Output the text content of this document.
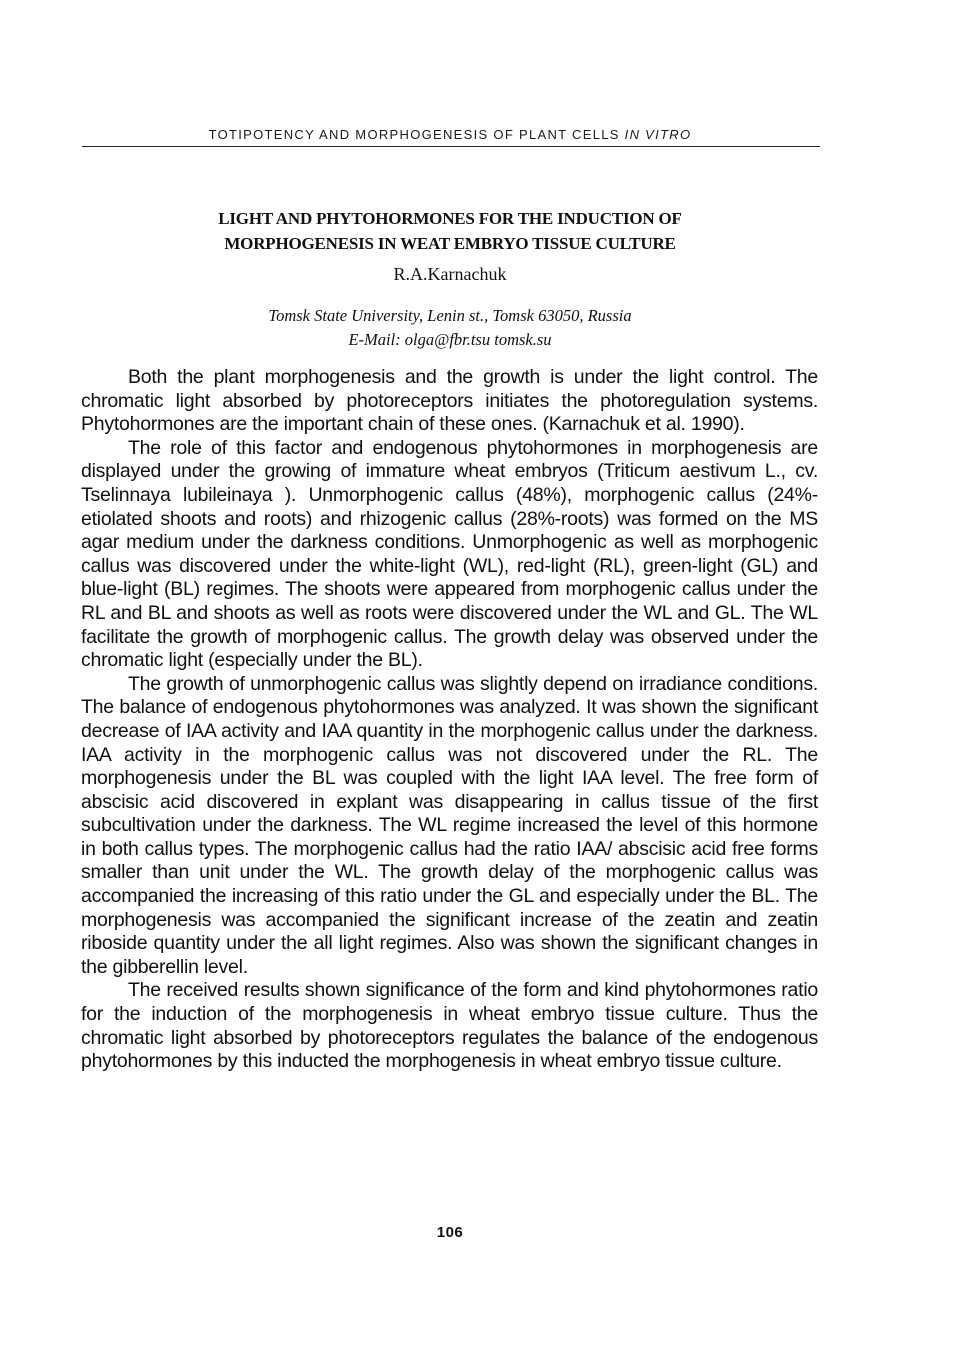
TOTIPOTENCY AND MORPHOGENESIS OF PLANT CELLS IN VITRO
LIGHT AND PHYTOHORMONES FOR THE INDUCTION OF
MORPHOGENESIS IN WEAT EMBRYO TISSUE CULTURE

R.A.Karnachuk

Tomsk State University, Lenin st., Tomsk 63050, Russia
E-Mail: olga@fbr.tsu tomsk.su

Both the plant morphogenesis and the growth is under the light control. The chromatic light absorbed by photoreceptors initiates the photoregulation systems. Phytohormones are the important chain of these ones. (Karnachuk et al. 1990).

The role of this factor and endogenous phytohormones in morphogenesis are displayed under the growing of immature wheat embryos (Triticum aestivum L., cv. Tselinnaya lubileinaya ). Unmorphogenic callus (48%), morphogenic callus (24%-etiolated shoots and roots) and rhizogenic callus (28%-roots) was formed on the MS agar medium under the darkness conditions. Unmorphogenic as well as morphogenic callus was discovered under the white-light (WL), red-light (RL), green-light (GL) and blue-light (BL) regimes. The shoots were appeared from morphogenic callus under the RL and BL and shoots as well as roots were discovered under the WL and GL. The WL facilitate the growth of morphogenic callus. The growth delay was observed under the chromatic light (especially under the BL).

The growth of unmorphogenic callus was slightly depend on irradiance conditions. The balance of endogenous phytohormones was analyzed. It was shown the significant decrease of IAA activity and IAA quantity in the morphogenic callus under the darkness. IAA activity in the morphogenic callus was not discovered under the RL. The morphogenesis under the BL was coupled with the light IAA level. The free form of abscisic acid discovered in explant was disappearing in callus tissue of the first subcultivation under the darkness. The WL regime increased the level of this hormone in both callus types. The morphogenic callus had the ratio IAA/ abscisic acid free forms smaller than unit under the WL. The growth delay of the morphogenic callus was accompanied the increasing of this ratio under the GL and especially under the BL. The morphogenesis was accompanied the significant increase of the zeatin and zeatin riboside quantity under the all light regimes. Also was shown the significant changes in the gibberellin level.

The received results shown significance of the form and kind phytohormones ratio for the induction of the morphogenesis in wheat embryo tissue culture. Thus the chromatic light absorbed by photoreceptors regulates the balance of the endogenous phytohormones by this inducted the morphogenesis in wheat embryo tissue culture.

106
